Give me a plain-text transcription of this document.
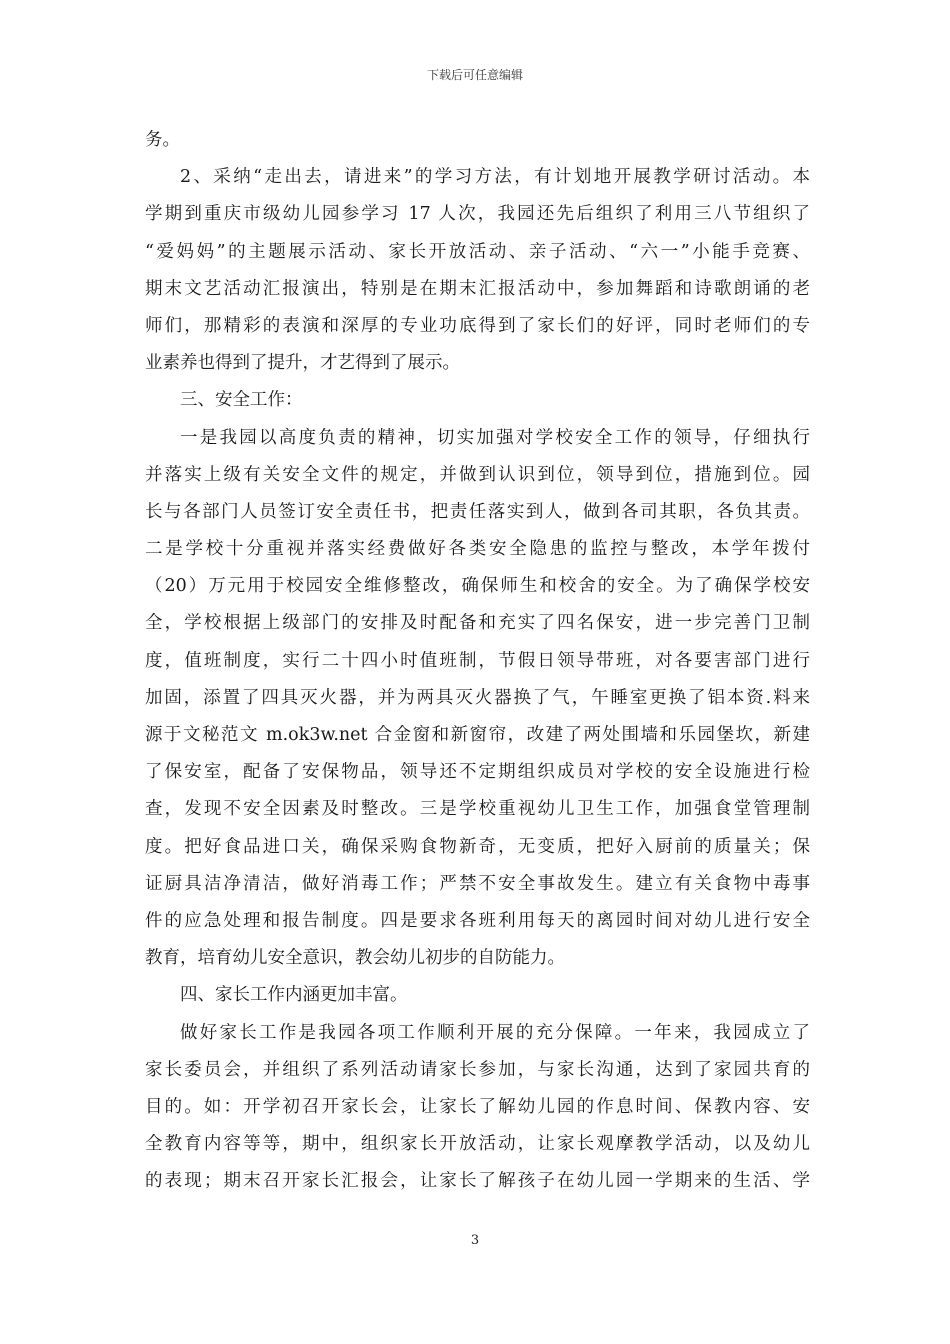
下载后可任意编辑
务。
2、采纳“走出去，请进来”的学习方法，有计划地开展教学研讨活动。本
学期到重庆市级幼儿园参学习 17 人次，我园还先后组织了利用三八节组织了
“爱妈妈”的主题展示活动、家长开放活动、亲子活动、“六一”小能手竞赛、
期末文艺活动汇报演出，特别是在期末汇报活动中，参加舞蹈和诗歌朗诵的老
师们，那精彩的表演和深厚的专业功底得到了家长们的好评，同时老师们的专
业素养也得到了提升，才艺得到了展示。
三、安全工作：
一是我园以高度负责的精神，切实加强对学校安全工作的领导，仔细执行
并落实上级有关安全文件的规定，并做到认识到位，领导到位，措施到位。园
长与各部门人员签订安全责任书，把责任落实到人，做到各司其职，各负其责。
二是学校十分重视并落实经费做好各类安全隐患的监控与整改，本学年拨付
（20）万元用于校园安全维修整改，确保师生和校舍的安全。为了确保学校安
全，学校根据上级部门的安排及时配备和充实了四名保安，进一步完善门卫制
度，值班制度，实行二十四小时值班制，节假日领导带班，对各要害部门进行
加固，添置了四具灭火器，并为两具灭火器换了气，午睡室更换了铝本资.料来
源于文秘范文 m.ok3w.net 合金窗和新窗帘，改建了两处围墙和乐园堡坎，新建
了保安室，配备了安保物品，领导还不定期组织成员对学校的安全设施进行检
查，发现不安全因素及时整改。三是学校重视幼儿卫生工作，加强食堂管理制
度。把好食品进口关，确保采购食物新奇，无变质，把好入厨前的质量关；保
证厨具洁净清洁，做好消毒工作；严禁不安全事故发生。建立有关食物中毒事
件的应急处理和报告制度。四是要求各班利用每天的离园时间对幼儿进行安全
教育，培育幼儿安全意识，教会幼儿初步的自防能力。
四、家长工作内涵更加丰富。
做好家长工作是我园各项工作顺利开展的充分保障。一年来，我园成立了
家长委员会，并组织了系列活动请家长参加，与家长沟通，达到了家园共育的
目的。如：开学初召开家长会，让家长了解幼儿园的作息时间、保教内容、安
全教育内容等等，期中，组织家长开放活动，让家长观摩教学活动，以及幼儿
的表现；期末召开家长汇报会，让家长了解孩子在幼儿园一学期来的生活、学
3
